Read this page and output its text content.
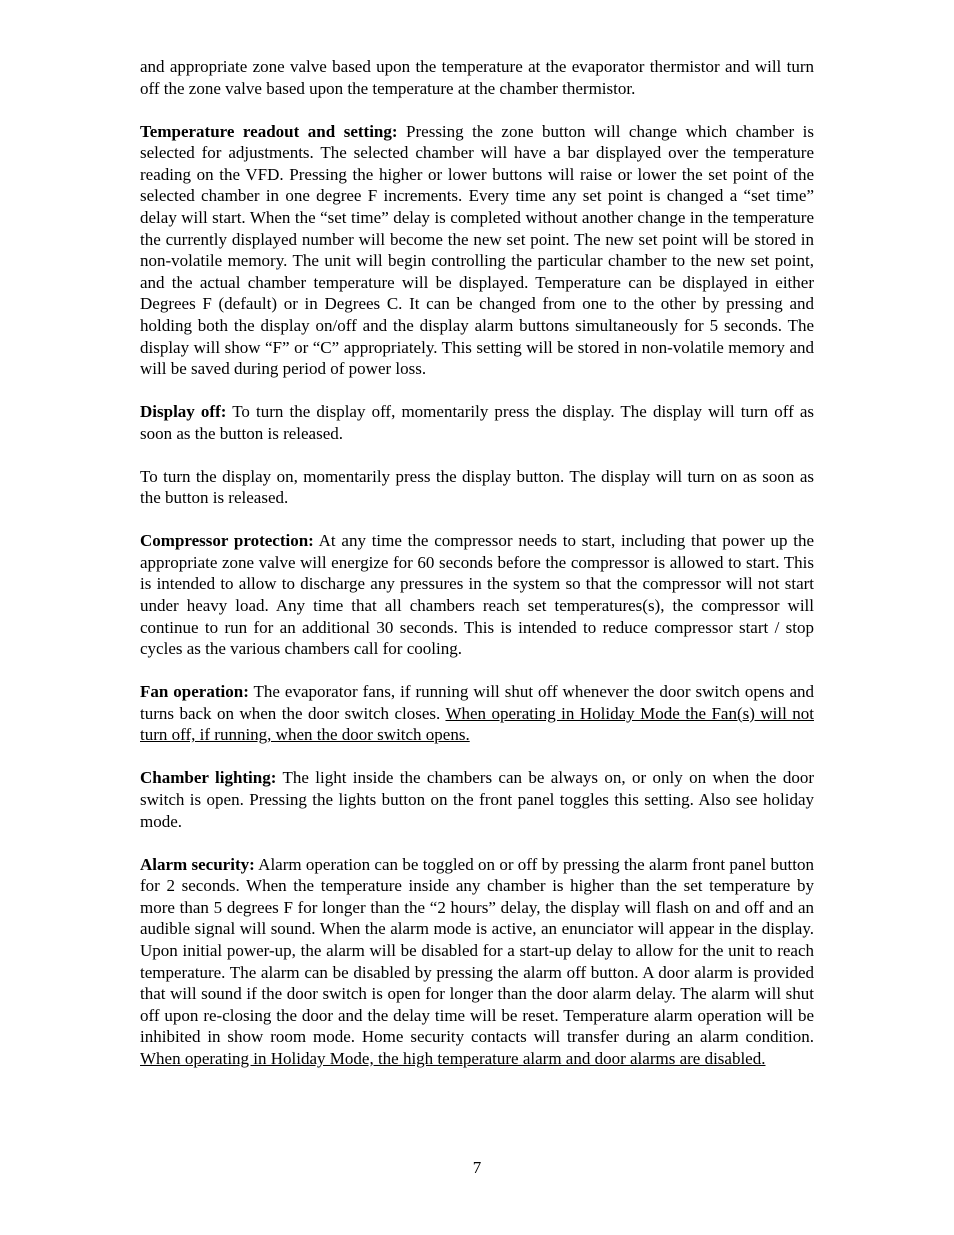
and appropriate zone valve based upon the temperature at the evaporator thermistor and will turn off the zone valve based upon the temperature at the chamber thermistor.

Temperature readout and setting: Pressing the zone button will change which chamber is selected for adjustments. The selected chamber will have a bar displayed over the temperature reading on the VFD. Pressing the higher or lower buttons will raise or lower the set point of the selected chamber in one degree F increments. Every time any set point is changed a “set time” delay will start. When the “set time” delay is completed without another change in the temperature the currently displayed number will become the new set point. The new set point will be stored in non-volatile memory. The unit will begin controlling the particular chamber to the new set point, and the actual chamber temperature will be displayed. Temperature can be displayed in either Degrees F (default) or in Degrees C. It can be changed from one to the other by pressing and holding both the display on/off and the display alarm buttons simultaneously for 5 seconds. The display will show “F” or “C” appropriately. This setting will be stored in non-volatile memory and will be saved during period of power loss.

Display off: To turn the display off, momentarily press the display. The display will turn off as soon as the button is released.

To turn the display on, momentarily press the display button. The display will turn on as soon as the button is released.

Compressor protection: At any time the compressor needs to start, including that power up the appropriate zone valve will energize for 60 seconds before the compressor is allowed to start. This is intended to allow to discharge any pressures in the system so that the compressor will not start under heavy load. Any time that all chambers reach set temperatures(s), the compressor will continue to run for an additional 30 seconds. This is intended to reduce compressor start / stop cycles as the various chambers call for cooling.

Fan operation: The evaporator fans, if running will shut off whenever the door switch opens and turns back on when the door switch closes. When operating in Holiday Mode the Fan(s) will not turn off, if running, when the door switch opens.

Chamber lighting: The light inside the chambers can be always on, or only on when the door switch is open. Pressing the lights button on the front panel toggles this setting. Also see holiday mode.

Alarm security: Alarm operation can be toggled on or off by pressing the alarm front panel button for 2 seconds. When the temperature inside any chamber is higher than the set temperature by more than 5 degrees F for longer than the “2 hours” delay, the display will flash on and off and an audible signal will sound. When the alarm mode is active, an enunciator will appear in the display. Upon initial power-up, the alarm will be disabled for a start-up delay to allow for the unit to reach temperature. The alarm can be disabled by pressing the alarm off button. A door alarm is provided that will sound if the door switch is open for longer than the door alarm delay. The alarm will shut off upon re-closing the door and the delay time will be reset. Temperature alarm operation will be inhibited in show room mode. Home security contacts will transfer during an alarm condition. When operating in Holiday Mode, the high temperature alarm and door alarms are disabled.

7
